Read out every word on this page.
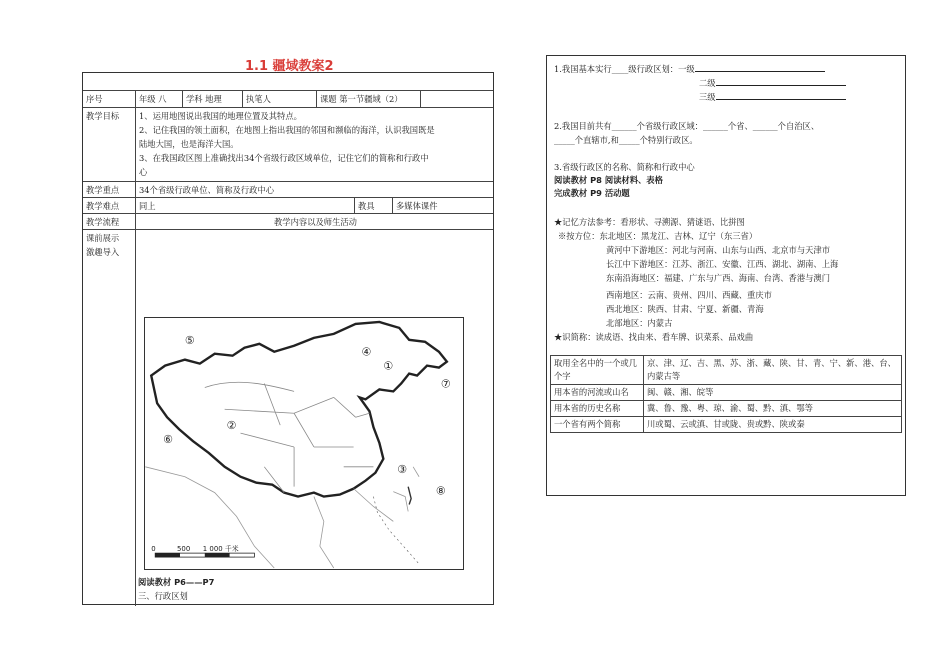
1.1 疆域教案2
序号	年级 八	学科 地理	执笔人	课题 第一节疆域（2）
教学目标	1、运用地图说出我国的地理位置及其特点。

2、记住我国的领土面积，在地图上指出我国的邻国和濒临的海洋，认识我国既是

陆地大国，也是海洋大国。

3、在我国政区图上准确找出34个省级行政区域单位，记住它们的简称和行政中

心

教学重点	34个省级行政单位、简称及行政中心
教学难点	同上	教具	多媒体课件
教学流程	教学内容以及师生活动
课前展示
激趣导入
①
②
③
④
⑤
⑥
⑦
⑧
0	500 1 000 千米
阅读教材 P6——P7
三、行政区划
1.我国基本实行____级行政区划：一级
二级
三级
2.我国目前共有______个省级行政区域：______个省、______个自治区、
_____个直辖市,和_____个特别行政区。
3.省级行政区的名称、简称和行政中心
阅读教材 P8 阅读材料、表格
完成教材 P9 活动题
★记忆方法参考：看形状、寻溯源、猜谜语、比拼图
※按方位：东北地区：黑龙江、吉林、辽宁（东三省）
黄河中下游地区：河北与河南、山东与山西、北京市与天津市
长江中下游地区：江苏、浙江、安徽、江西、湖北、湖南、上海
东南沿海地区：福建、广东与广西、海南、台湾、香港与澳门
西南地区：云南、贵州、四川、西藏、重庆市
西北地区：陕西、甘肃、宁夏、新疆、青海
北部地区：内蒙古
★识简称：读成语、找由来、看车牌、识菜系、品戏曲
取用全名中的一个或几个字	京、津、辽、吉、黑、苏、浙、藏、陕、甘、青、宁、新、港、台、内蒙古等
用本省的河流或山名	闽、赣、湘、皖等
用本省的历史名称	冀、鲁、豫、粤、琼、渝、蜀、黔、滇、鄂等
一个省有两个简称	川或蜀、云或滇、甘或陇、贵或黔、陕或秦
